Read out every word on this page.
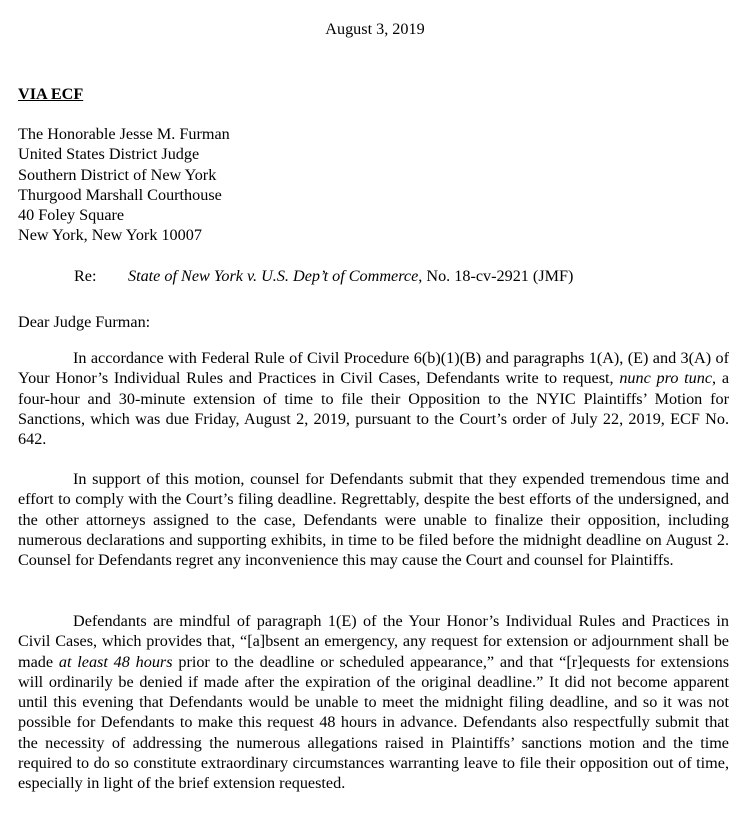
August 3, 2019
VIA ECF
The Honorable Jesse M. Furman
United States District Judge
Southern District of New York
Thurgood Marshall Courthouse
40 Foley Square
New York, New York 10007
Re: State of New York v. U.S. Dep’t of Commerce, No. 18-cv-2921 (JMF)
Dear Judge Furman:
In accordance with Federal Rule of Civil Procedure 6(b)(1)(B) and paragraphs 1(A), (E) and 3(A) of Your Honor’s Individual Rules and Practices in Civil Cases, Defendants write to request, nunc pro tunc, a four-hour and 30-minute extension of time to file their Opposition to the NYIC Plaintiffs’ Motion for Sanctions, which was due Friday, August 2, 2019, pursuant to the Court’s order of July 22, 2019, ECF No. 642.
In support of this motion, counsel for Defendants submit that they expended tremendous time and effort to comply with the Court’s filing deadline. Regrettably, despite the best efforts of the undersigned, and the other attorneys assigned to the case, Defendants were unable to finalize their opposition, including numerous declarations and supporting exhibits, in time to be filed before the midnight deadline on August 2. Counsel for Defendants regret any inconvenience this may cause the Court and counsel for Plaintiffs.
Defendants are mindful of paragraph 1(E) of the Your Honor’s Individual Rules and Practices in Civil Cases, which provides that, “[a]bsent an emergency, any request for extension or adjournment shall be made at least 48 hours prior to the deadline or scheduled appearance,” and that “[r]equests for extensions will ordinarily be denied if made after the expiration of the original deadline.” It did not become apparent until this evening that Defendants would be unable to meet the midnight filing deadline, and so it was not possible for Defendants to make this request 48 hours in advance. Defendants also respectfully submit that the necessity of addressing the numerous allegations raised in Plaintiffs’ sanctions motion and the time required to do so constitute extraordinary circumstances warranting leave to file their opposition out of time, especially in light of the brief extension requested.
